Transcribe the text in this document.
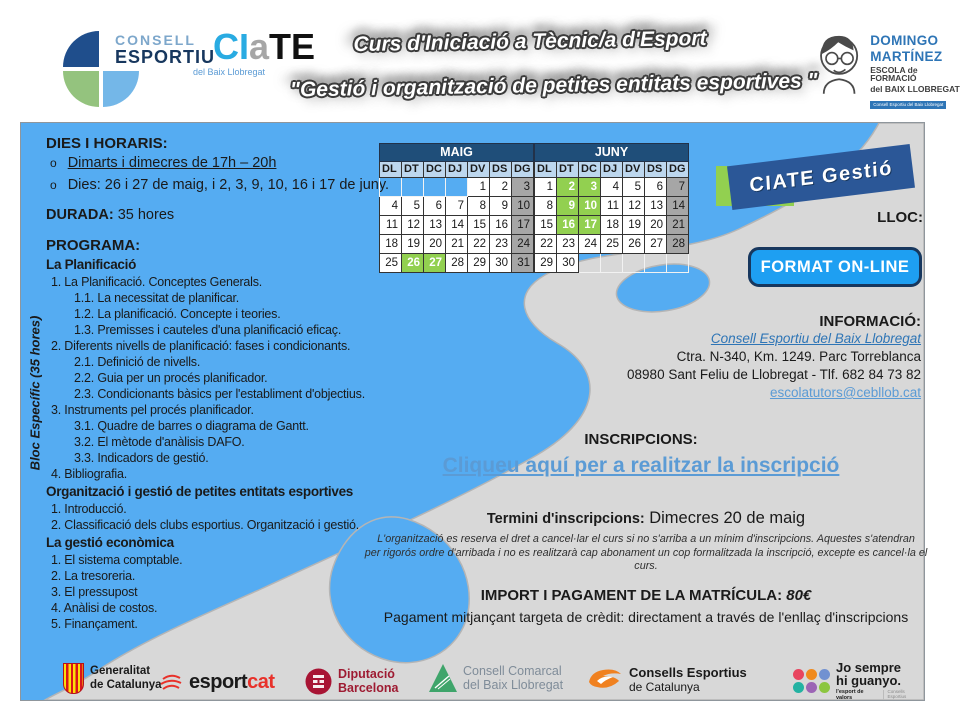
CONSELL
ESPORTIU
del Baix Llobregat
CIaTE	Curs d'Iniciació a Tècnic/a d'Esport
"Gestió i organització de petites entitats esportives "
DOMINGO
MARTÍNEZ
ESCOLA de FORMACIÓ
del BAIX LLOBREGAT
Consell Esportiu del Baix Llobregat
DIES I HORARIS:
o Dimarts i dimecres de 17h – 20h
o Dies: 26 i 27 de maig, i 2, 3, 9, 10, 16 i 17 de juny.
DURADA: 35 hores
PROGRAMA:
La Planificació
1. La Planificació. Conceptes Generals.
1.1. La necessitat de planificar.
1.2. La planificació. Concepte i teories.
1.3. Premisses i cauteles d'una planificació eficaç.
2. Diferents nivells de planificació: fases i condicionants.
2.1. Definició de nivells.
2.2. Guia per un procés planificador.
2.3. Condicionants bàsics per l'establiment d'objectius.
3. Instruments pel procés planificador.
3.1. Quadre de barres o diagrama de Gantt.
3.2. El mètode d'anàlisis DAFO.
3.3. Indicadors de gestió.
4. Bibliografia.
Organització i gestió de petites entitats esportives
1. Introducció.
2. Classificació dels clubs esportius. Organització i gestió.
La gestió econòmica
1. El sistema comptable.
2. La tresoreria.
3. El pressupost
4. Anàlisi de costos.
5. Finançament.
Bloc Específic (35 hores)
MAIG						
DL	DT	DC	DJ	DV	DS	DG
				1	2	3
4	5	6	7	8	9	10
11	12	13	14	15	16	17
18	19	20	21	22	23	24
25	26	27	28	29	30	31
JUNY						
DL	DT	DC	DJ	DV	DS	DG
1	2	3	4	5	6	7
8	9	10	11	12	13	14
15	16	17	18	19	20	21
22	23	24	25	26	27	28
29	30					
CIATE Gestió
LLOC:
FORMAT ON-LINE
INFORMACIÓ:
Consell Esportiu del Baix Llobregat
Ctra. N-340, Km. 1249. Parc Torreblanca
08980 Sant Feliu de Llobregat - Tlf. 682 84 73 82
escolatutors@cebllob.cat
INSCRIPCIONS:
Cliqueu aquí per a realitzar la inscripció
Termini d'inscripcions: Dimecres 20 de maig
L'organització es reserva el dret a cancel·lar el curs si no s'arriba a un mínim d'inscripcions. Aquestes s'atendran
per rigorós ordre d'arribada i no es realitzarà cap abonament un cop formalitzada la inscripció, excepte es cancel·la el curs.
IMPORT I PAGAMENT DE LA MATRÍCULA: 80€
Pagament mitjançant targeta de crèdit: directament a través de l'enllaç d'inscripcions
Generalitat
de Catalunya esportcat	Diputació
Barcelona
Consell Comarcal
del Baix Llobregat
Consells Esportius
de Catalunya
Jo sempre
hi guanyo.
l'esport de valors
Consells Esportius
